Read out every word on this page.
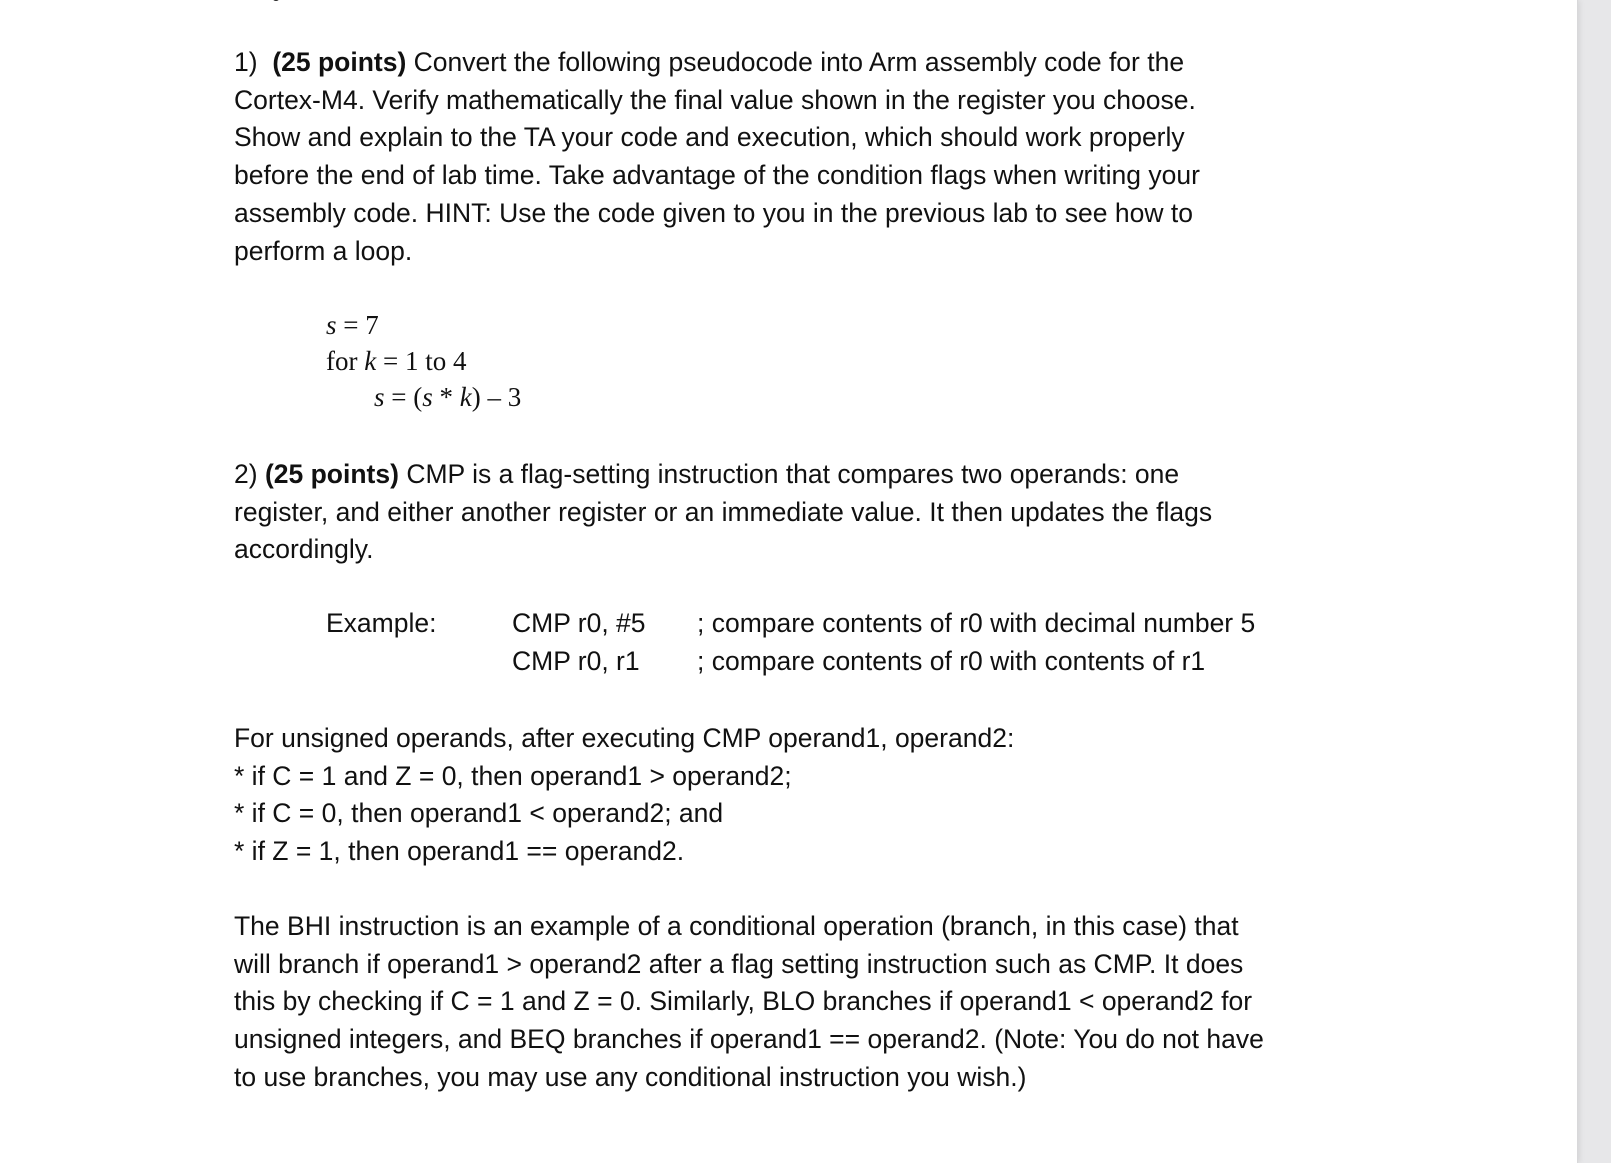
1) (25 points) Convert the following pseudocode into Arm assembly code for the
Cortex-M4. Verify mathematically the final value shown in the register you choose.
Show and explain to the TA your code and execution, which should work properly
before the end of lab time. Take advantage of the condition flags when writing your
assembly code. HINT: Use the code given to you in the previous lab to see how to
perform a loop.
s = 7
for k = 1 to 4
s = (s * k) – 3
2) (25 points) CMP is a flag-setting instruction that compares two operands: one
register, and either another register or an immediate value. It then updates the flags
accordingly.
Example:	CMP r0, #5
CMP r0, r1
; compare contents of r0 with decimal number 5
; compare contents of r0 with contents of r1
For unsigned operands, after executing CMP operand1, operand2:
* if C = 1 and Z = 0, then operand1 > operand2;
* if C = 0, then operand1 < operand2; and
* if Z = 1, then operand1 == operand2.
The BHI instruction is an example of a conditional operation (branch, in this case) that
will branch if operand1 > operand2 after a flag setting instruction such as CMP. It does
this by checking if C = 1 and Z = 0. Similarly, BLO branches if operand1 < operand2 for
unsigned integers, and BEQ branches if operand1 == operand2. (Note: You do not have
to use branches, you may use any conditional instruction you wish.)
